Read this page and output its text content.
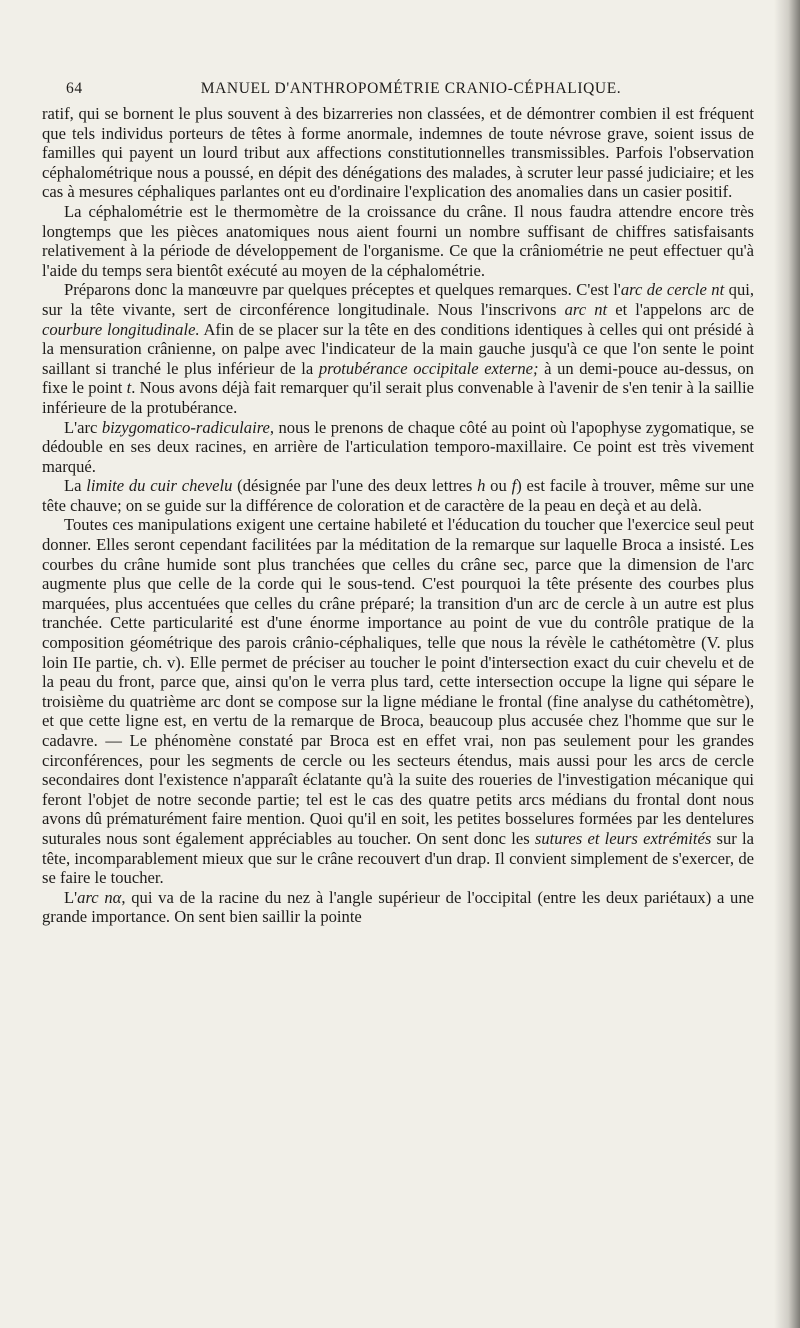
64	MANUEL D'ANTHROPOMÉTRIE CRANIO-CÉPHALIQUE.

ratif, qui se bornent le plus souvent à des bizarreries non classées, et de démontrer combien il est fréquent que tels individus porteurs de têtes à forme anormale, indemnes de toute névrose grave, soient issus de familles qui payent un lourd tribut aux affections constitutionnelles transmissibles. Parfois l'observation céphalométrique nous a poussé, en dépit des dénégations des malades, à scruter leur passé judiciaire; et les cas à mesures céphaliques parlantes ont eu d'ordinaire l'explication des anomalies dans un casier positif.

La céphalométrie est le thermomètre de la croissance du crâne. Il nous faudra attendre encore très longtemps que les pièces anatomiques nous aient fourni un nombre suffisant de chiffres satisfaisants relativement à la période de développement de l'organisme. Ce que la crâniométrie ne peut effectuer qu'à l'aide du temps sera bientôt exécuté au moyen de la céphalométrie.

Préparons donc la manœuvre par quelques préceptes et quelques remarques. C'est l'arc de cercle nt qui, sur la tête vivante, sert de circonférence longitudinale. Nous l'inscrivons arc nt et l'appelons arc de courbure longitudinale. Afin de se placer sur la tête en des conditions identiques à celles qui ont présidé à la mensuration crânienne, on palpe avec l'indicateur de la main gauche jusqu'à ce que l'on sente le point saillant si tranché le plus inférieur de la protubérance occipitale externe; à un demi-pouce au-dessus, on fixe le point t. Nous avons déjà fait remarquer qu'il serait plus convenable à l'avenir de s'en tenir à la saillie inférieure de la protubérance.

L'arc bizygomatico-radiculaire, nous le prenons de chaque côté au point où l'apophyse zygomatique, se dédouble en ses deux racines, en arrière de l'articulation temporo-maxillaire. Ce point est très vivement marqué.

La limite du cuir chevelu (désignée par l'une des deux lettres h ou f) est facile à trouver, même sur une tête chauve; on se guide sur la différence de coloration et de caractère de la peau en deçà et au delà.

Toutes ces manipulations exigent une certaine habileté et l'éducation du toucher que l'exercice seul peut donner. Elles seront cependant facilitées par la méditation de la remarque sur laquelle Broca a insisté. Les courbes du crâne humide sont plus tranchées que celles du crâne sec, parce que la dimension de l'arc augmente plus que celle de la corde qui le sous-tend. C'est pourquoi la tête présente des courbes plus marquées, plus accentuées que celles du crâne préparé; la transition d'un arc de cercle à un autre est plus tranchée. Cette particularité est d'une énorme importance au point de vue du contrôle pratique de la composition géométrique des parois crânio-céphaliques, telle que nous la révèle le cathétomètre (V. plus loin IIe partie, ch. v). Elle permet de préciser au toucher le point d'intersection exact du cuir chevelu et de la peau du front, parce que, ainsi qu'on le verra plus tard, cette intersection occupe la ligne qui sépare le troisième du quatrième arc dont se compose sur la ligne médiane le frontal (fine analyse du cathétomètre), et que cette ligne est, en vertu de la remarque de Broca, beaucoup plus accusée chez l'homme que sur le cadavre. — Le phénomène constaté par Broca est en effet vrai, non pas seulement pour les grandes circonférences, pour les segments de cercle ou les secteurs étendus, mais aussi pour les arcs de cercle secondaires dont l'existence n'apparaît éclatante qu'à la suite des roueries de l'investigation mécanique qui feront l'objet de notre seconde partie; tel est le cas des quatre petits arcs médians du frontal dont nous avons dû prématurément faire mention. Quoi qu'il en soit, les petites bosselures formées par les dentelures suturales nous sont également appréciables au toucher. On sent donc les sutures et leurs extrémités sur la tête, incomparablement mieux que sur le crâne recouvert d'un drap. Il convient simplement de s'exercer, de se faire le toucher.

L'arc nα, qui va de la racine du nez à l'angle supérieur de l'occipital (entre les deux pariétaux) a une grande importance. On sent bien saillir la pointe
